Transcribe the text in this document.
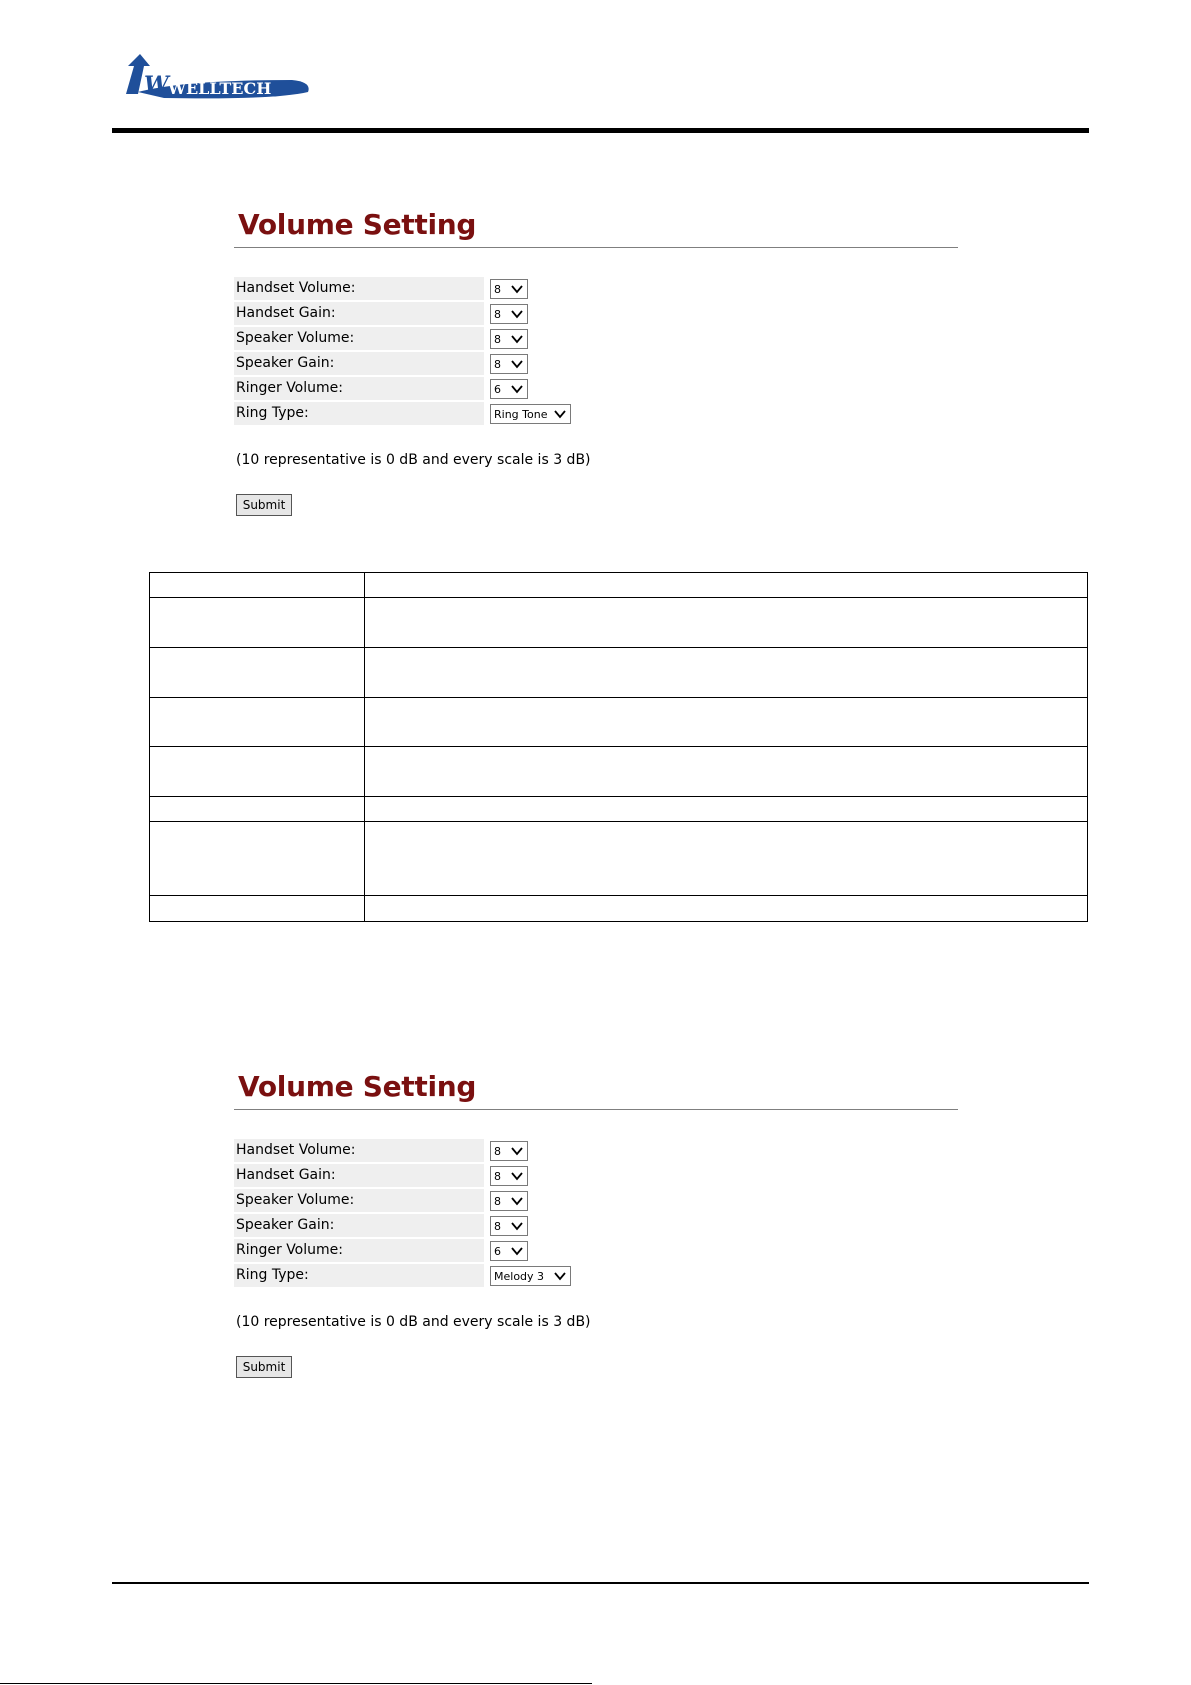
W WELLTECH
Volume Setting
Handset Volume:	8
Handset Gain:	8
Speaker Volume:	8
Speaker Gain:	8
Ringer Volume:	6
Ring Type:	Ring Tone
(10 representative is 0 dB and every scale is 3 dB)
Submit

Volume Setting
Handset Volume:	8
Handset Gain:	8
Speaker Volume:	8
Speaker Gain:	8
Ringer Volume:	6
Ring Type:	Melody 3
(10 representative is 0 dB and every scale is 3 dB)
Submit
